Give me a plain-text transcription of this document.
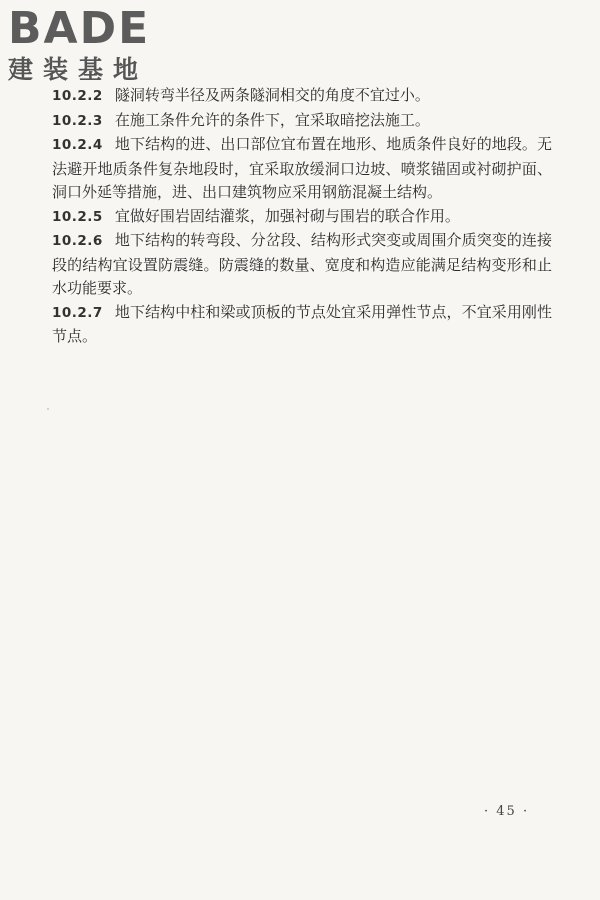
BADE
建装基地

10.2.2 隧洞转弯半径及两条隧洞相交的角度不宜过小。

10.2.3 在施工条件允许的条件下，宜采取暗挖法施工。

10.2.4 地下结构的进、出口部位宜布置在地形、地质条件良好的地段。无法避开地质条件复杂地段时，宜采取放缓洞口边坡、喷浆锚固或衬砌护面、洞口外延等措施，进、出口建筑物应采用钢筋混凝土结构。

10.2.5 宜做好围岩固结灌浆，加强衬砌与围岩的联合作用。

10.2.6 地下结构的转弯段、分岔段、结构形式突变或周围介质突变的连接段的结构宜设置防震缝。防震缝的数量、宽度和构造应能满足结构变形和止水功能要求。

10.2.7 地下结构中柱和梁或顶板的节点处宜采用弹性节点，不宜采用刚性节点。

· 45 ·
